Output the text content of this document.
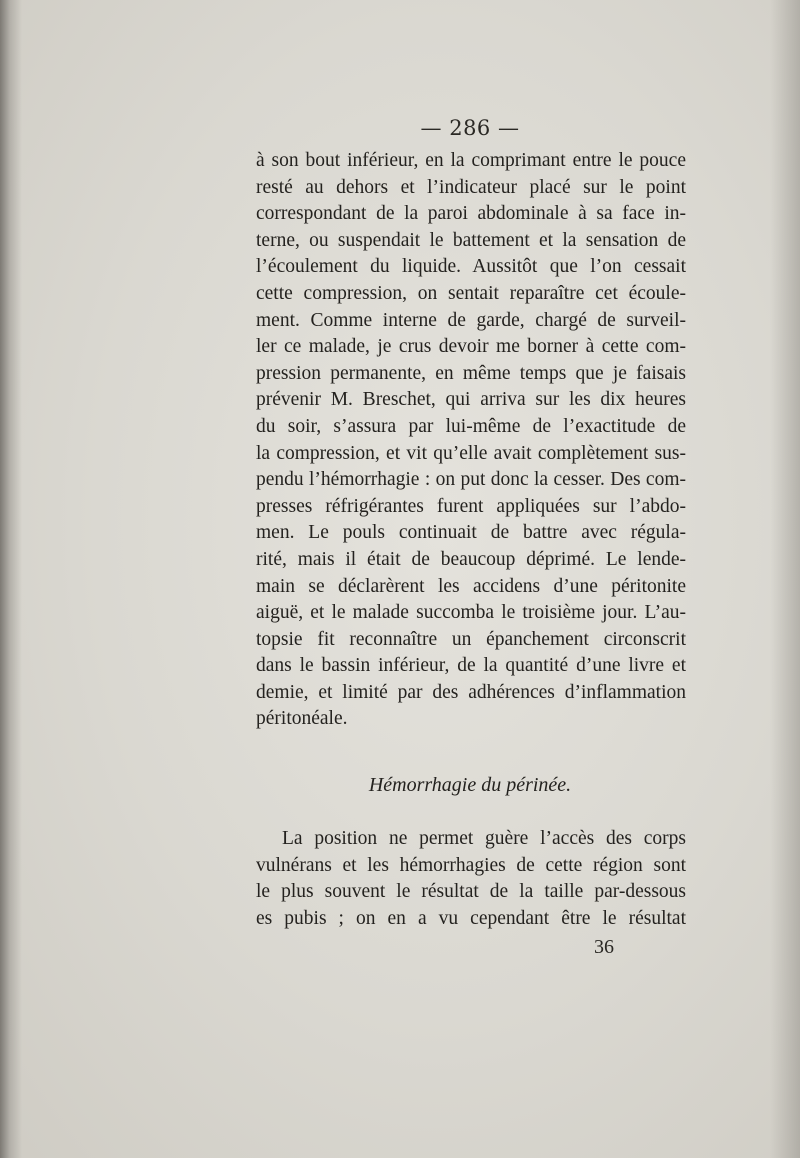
— 286 —
à son bout inférieur, en la comprimant entre le pouce
resté au dehors et l’indicateur placé sur le point
correspondant de la paroi abdominale à sa face in-
terne, ou suspendait le battement et la sensation de
l’écoulement du liquide. Aussitôt que l’on cessait
cette compression, on sentait reparaître cet écoule-
ment. Comme interne de garde, chargé de surveil-
ler ce malade, je crus devoir me borner à cette com-
pression permanente, en même temps que je faisais
prévenir M. Breschet, qui arriva sur les dix heures
du soir, s’assura par lui-même de l’exactitude de
la compression, et vit qu’elle avait complètement sus-
pendu l’hémorrhagie : on put donc la cesser. Des com-
presses réfrigérantes furent appliquées sur l’abdo-
men. Le pouls continuait de battre avec régula-
rité, mais il était de beaucoup déprimé. Le lende-
main se déclarèrent les accidens d’une péritonite
aiguë, et le malade succomba le troisième jour. L’au-
topsie fit reconnaître un épanchement circonscrit
dans le bassin inférieur, de la quantité d’une livre et
demie, et limité par des adhérences d’inflammation
péritonéale.
Hémorrhagie du périnée.
La position ne permet guère l’accès des corps
vulnérans et les hémorrhagies de cette région sont
le plus souvent le résultat de la taille par-dessous
es pubis ; on en a vu cependant être le résultat
36
